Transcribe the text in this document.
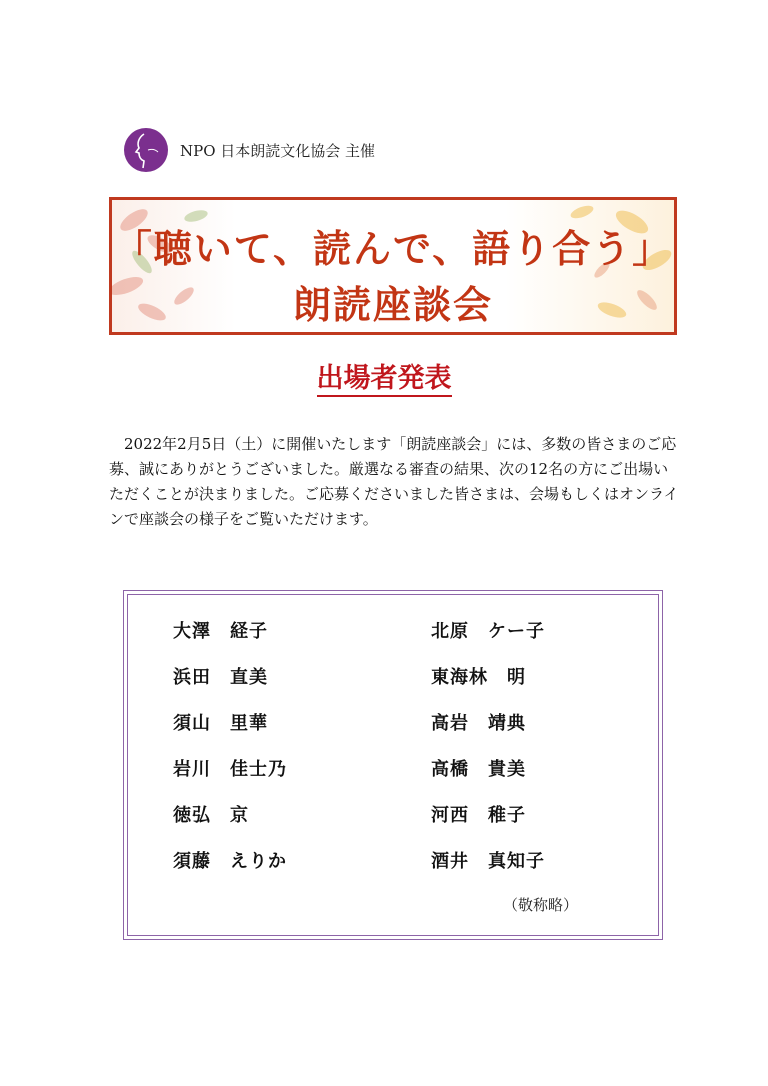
NPO 日本朗読文化協会 主催
「聴いて、読んで、語り合う」
朗読座談会
出場者発表

2022年2月5日（土）に開催いたします「朗読座談会」には、多数の皆さまのご応募、誠にありがとうございました。厳選なる審査の結果、次の12名の方にご出場いただくことが決まりました。ご応募くださいました皆さまは、会場もしくはオンラインで座談会の様子をご覧いただけます。

大澤　経子	北原　ケー子
浜田　直美	東海林　明
須山　里華	高岩　靖典
岩川　佳士乃	高橋　貴美
徳弘　京	河西　稚子
須藤　えりか	酒井　真知子
（敬称略）
